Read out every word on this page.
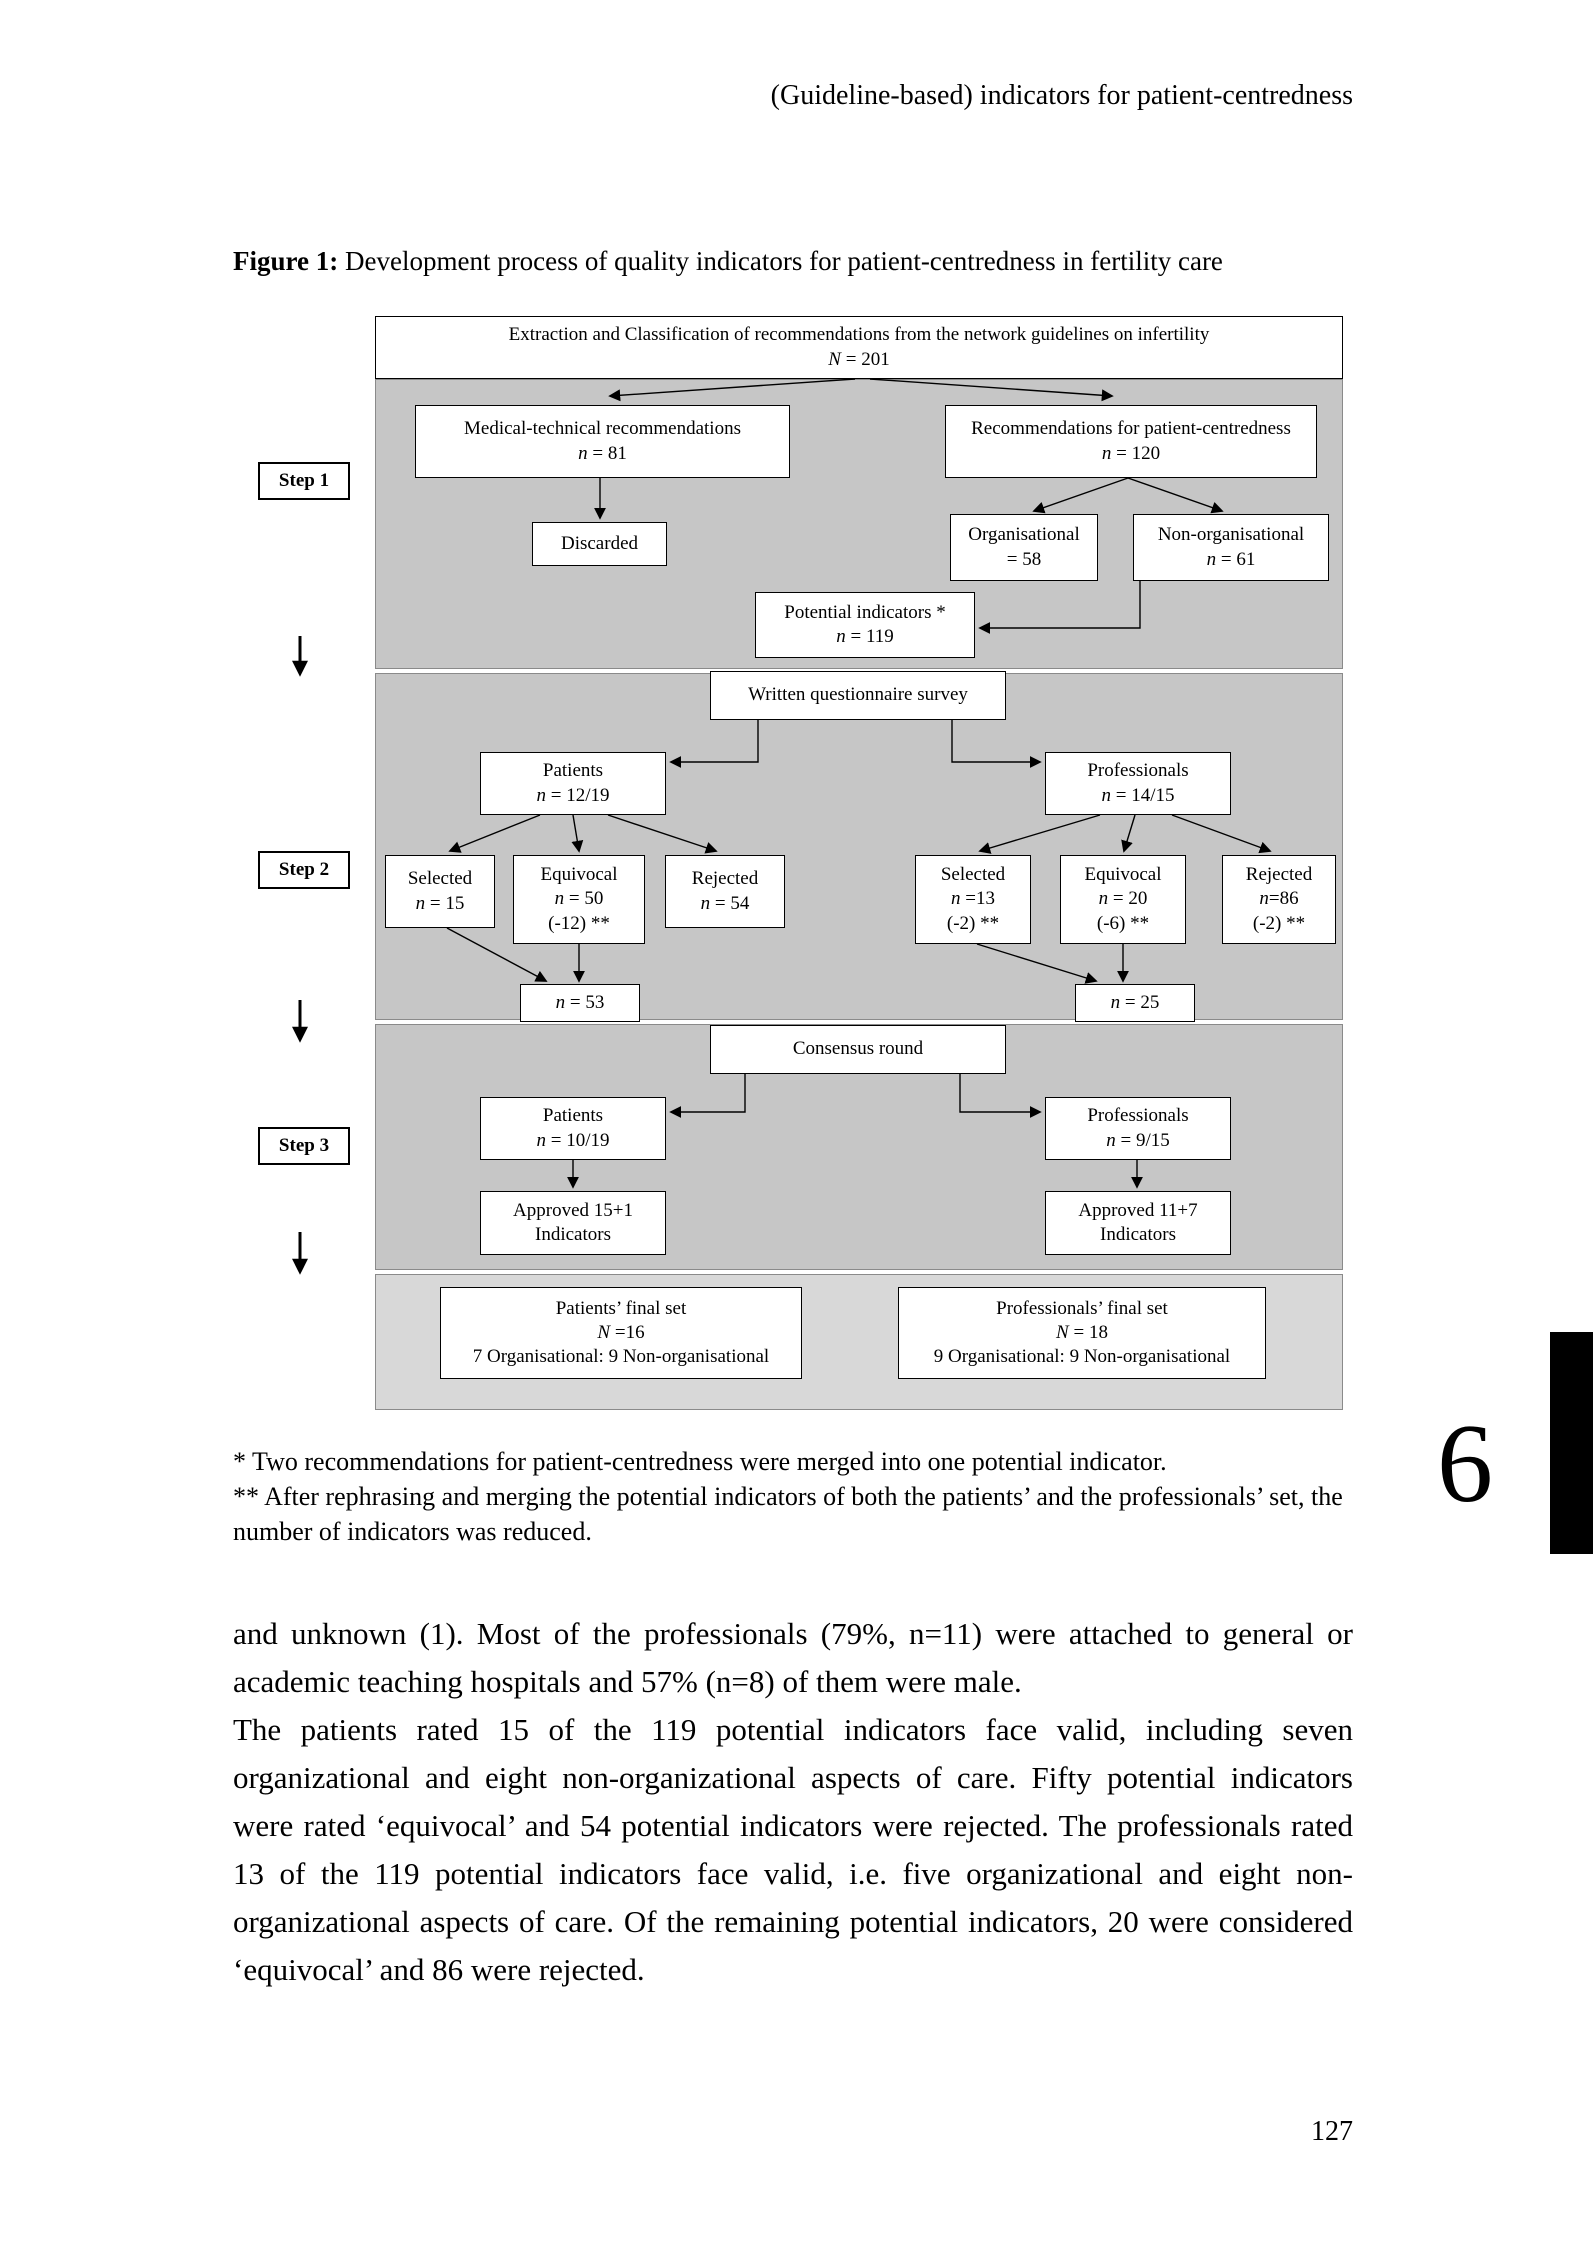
(Guideline-based) indicators for patient-centredness
Figure 1: Development process of quality indicators for patient-centredness in fertility care
Step 1
Step 2
Step 3
Extraction and Classification of recommendations from the network guidelines on infertility
N = 201
Medical-technical recommendations
n = 81
Recommendations for patient-centredness
n = 120
Discarded	Organisational
= 58
Non-organisational
n = 61
Potential indicators *
n = 119
Written questionnaire survey
Patients
n = 12/19
Professionals
n = 14/15
Selected
n = 15
Equivocal
n = 50
(-12) **
Rejected
n = 54
Selected
n =13
(-2) **
Equivocal
n = 20
(-6) **
Rejected
n=86
(-2) **
n = 53	n = 25
Consensus round
Patients
n = 10/19
Professionals
n = 9/15
Approved 15+1
Indicators
Approved 11+7
Indicators
Patients’ final set
N =16
7 Organisational: 9 Non-organisational
Professionals’ final set
N = 18
9 Organisational: 9 Non-organisational
* Two recommendations for patient-centredness were merged into one potential indicator.
** After rephrasing and merging the potential indicators of both the patients’ and the professionals’ set, the number of indicators was reduced.
6

and unknown (1). Most of the professionals (79%, n=11) were attached to general or academic teaching hospitals and 57% (n=8) of them were male.

The patients rated 15 of the 119 potential indicators face valid, including seven organizational and eight non-organizational aspects of care. Fifty potential indicators were rated ‘equivocal’ and 54 potential indicators were rejected. The professionals rated 13 of the 119 potential indicators face valid, i.e. five organizational and eight non-organizational aspects of care. Of the remaining potential indicators, 20 were considered ‘equivocal’ and 86 were rejected.

127
